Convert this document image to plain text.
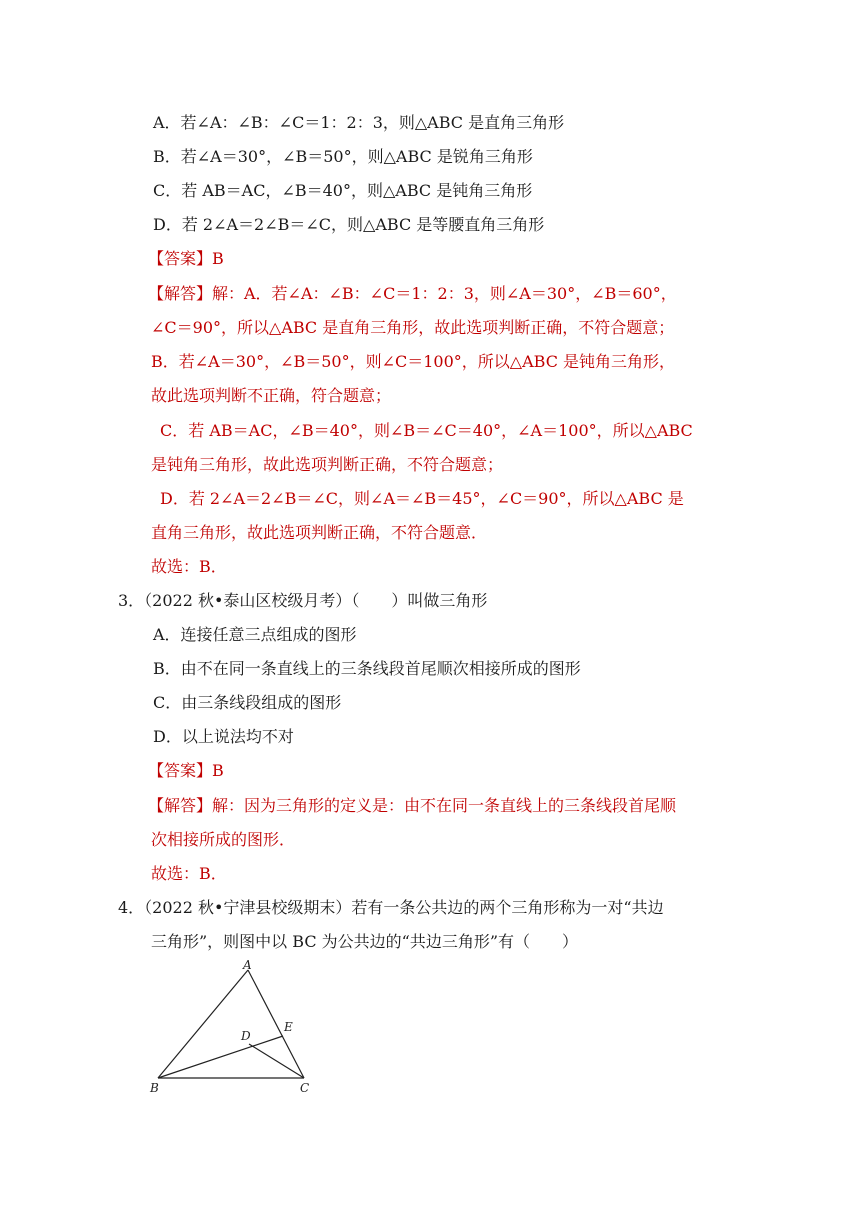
A．若∠A：∠B：∠C＝1：2：3，则△ABC 是直角三角形
B．若∠A＝30°，∠B＝50°，则△ABC 是锐角三角形
C．若 AB＝AC，∠B＝40°，则△ABC 是钝角三角形
D．若 2∠A＝2∠B＝∠C，则△ABC 是等腰直角三角形
【答案】B
【解答】解：A．若∠A：∠B：∠C＝1：2：3，则∠A＝30°，∠B＝60°，
∠C＝90°，所以△ABC 是直角三角形，故此选项判断正确，不符合题意；
B．若∠A＝30°，∠B＝50°，则∠C＝100°，所以△ABC 是钝角三角形，
故此选项判断不正确，符合题意；
C．若 AB＝AC，∠B＝40°，则∠B＝∠C＝40°，∠A＝100°，所以△ABC
是钝角三角形，故此选项判断正确，不符合题意；
D．若 2∠A＝2∠B＝∠C，则∠A＝∠B＝45°，∠C＝90°，所以△ABC 是
直角三角形，故此选项判断正确，不符合题意．
故选：B．
3．（2022 秋•泰山区校级月考）（　　）叫做三角形
A．连接任意三点组成的图形
B．由不在同一条直线上的三条线段首尾顺次相接所成的图形
C．由三条线段组成的图形
D．以上说法均不对
【答案】B
【解答】解：因为三角形的定义是：由不在同一条直线上的三条线段首尾顺
次相接所成的图形．
故选：B．
4．（2022 秋•宁津县校级期末）若有一条公共边的两个三角形称为一对“共边
三角形”，则图中以 BC 为公共边的“共边三角形”有（　　）
A
B	C
D
E
